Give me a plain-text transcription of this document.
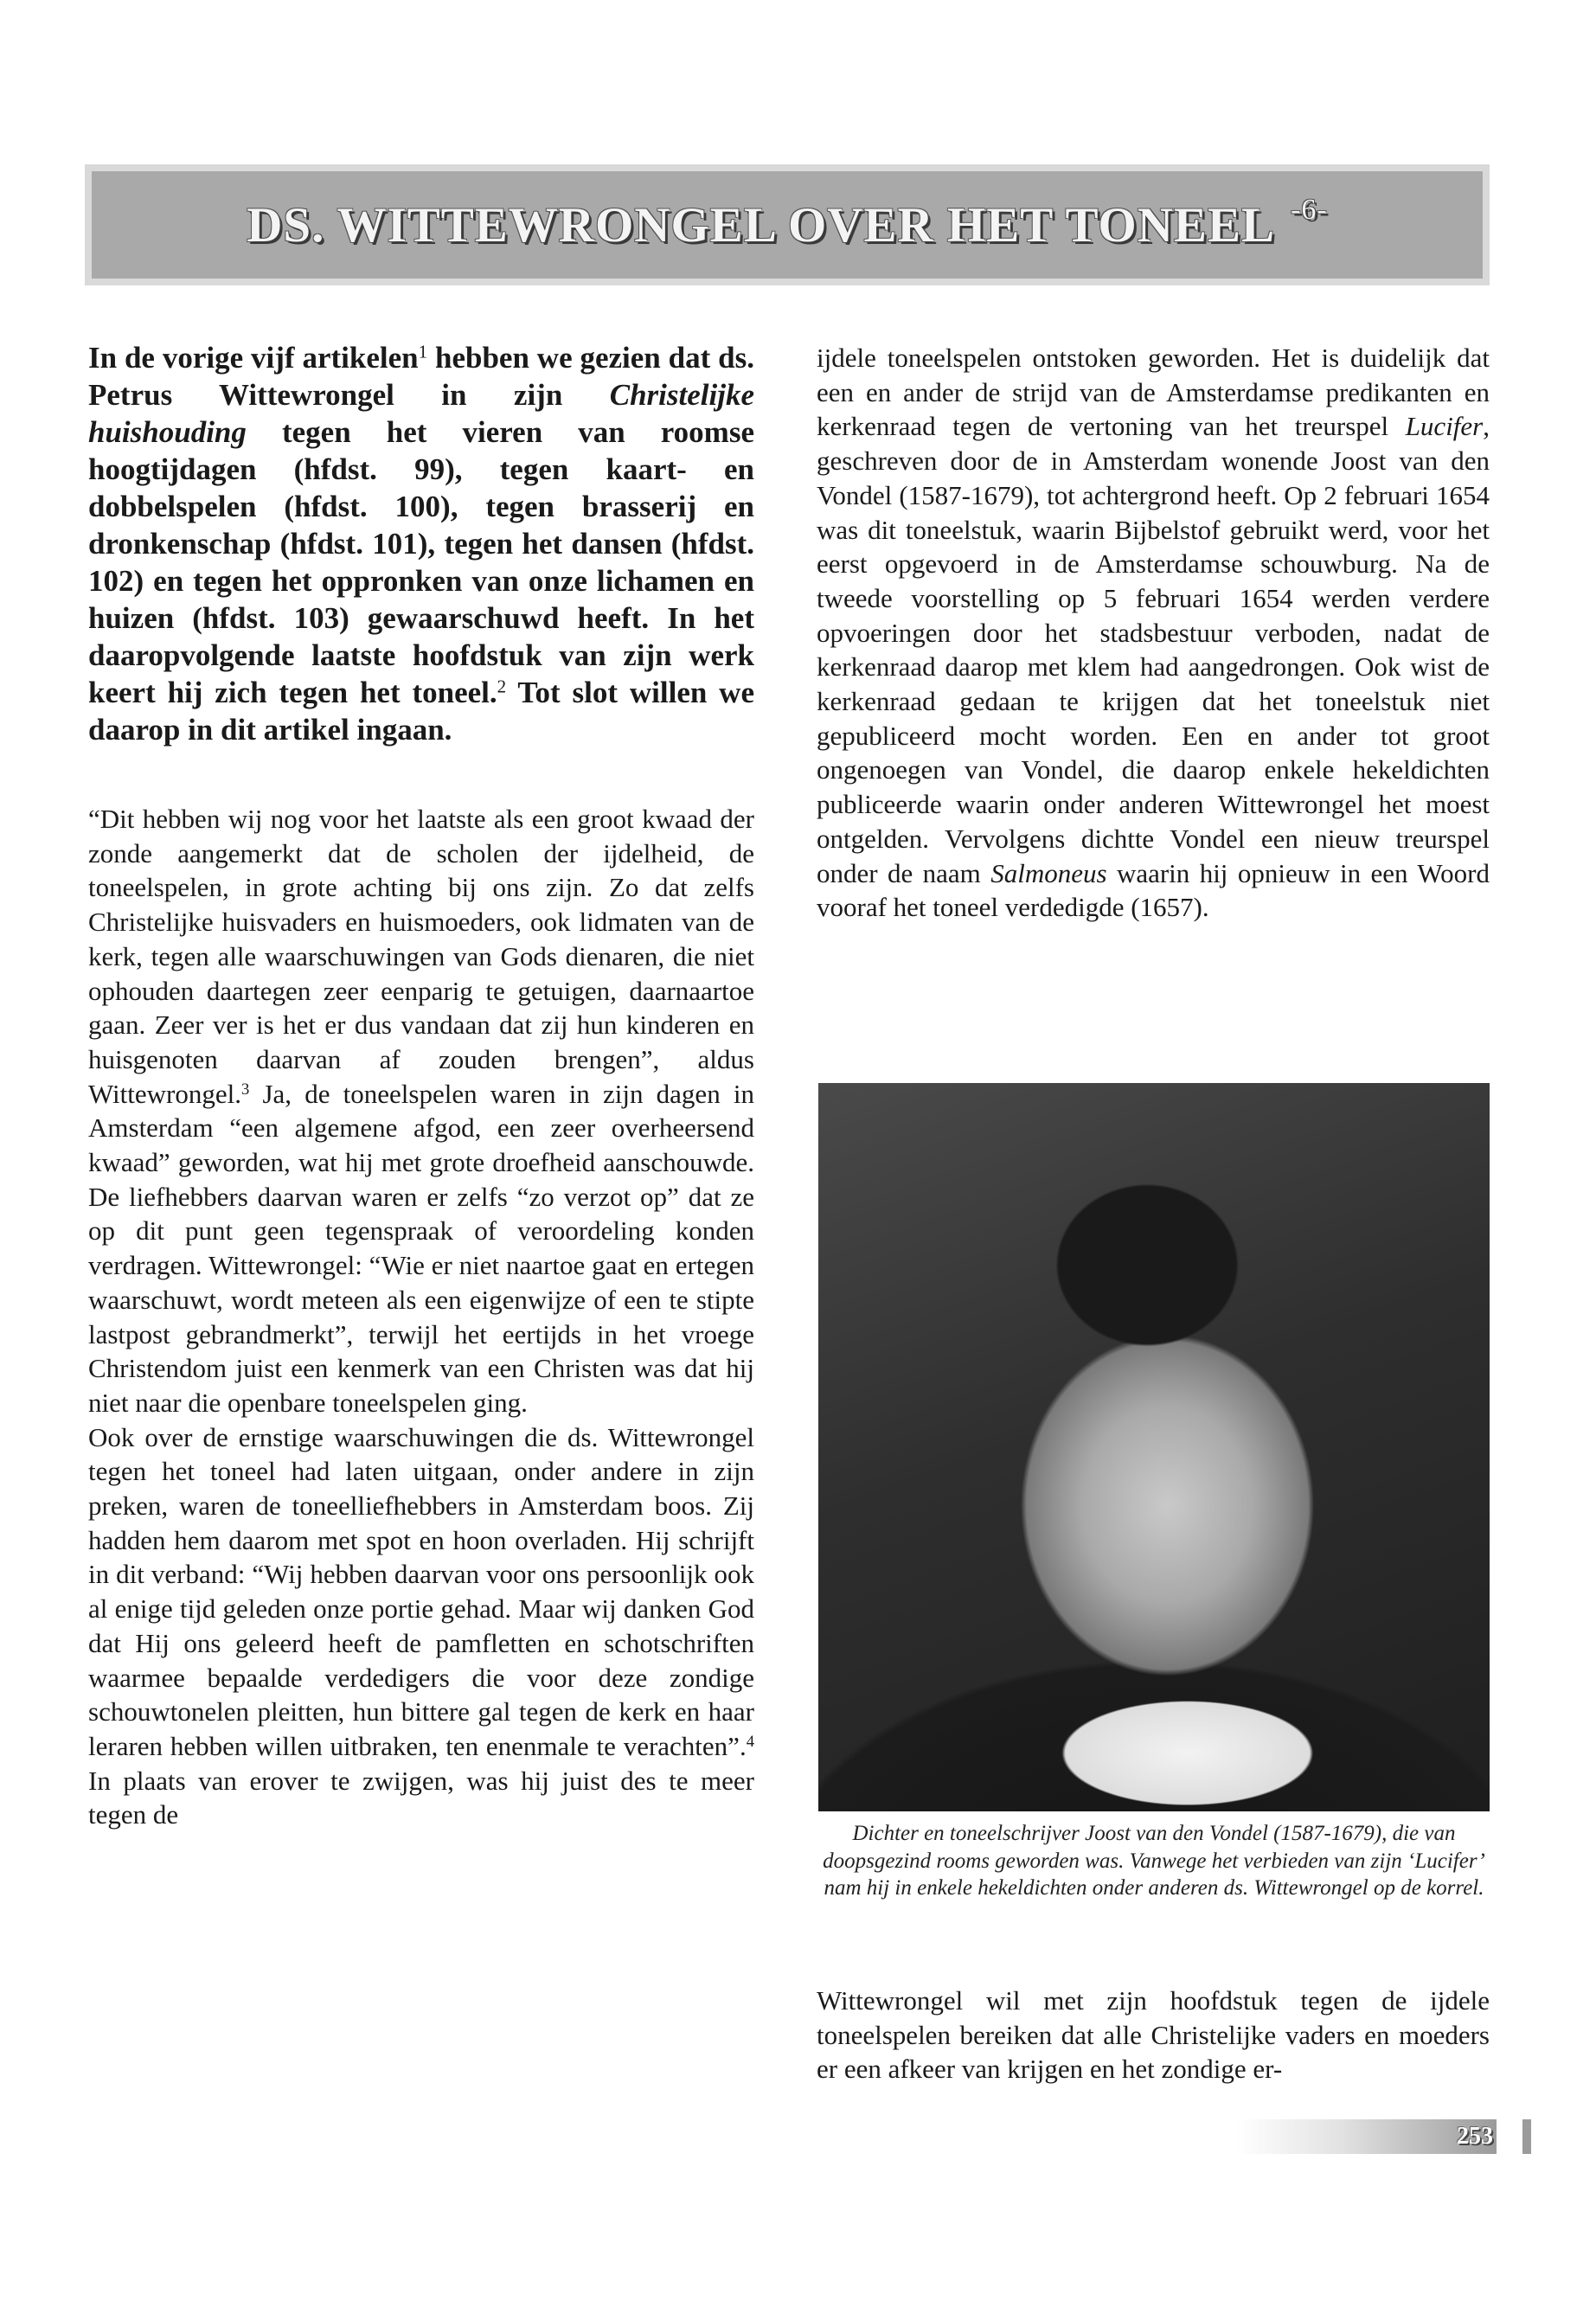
DS. WITTEWRONGEL OVER HET TONEEL $^{-6-}$

In de vorige vijf artikelen$^1$ hebben we gezien dat ds. Petrus Wittewrongel in zijn Christelijke huishouding tegen het vieren van roomse hoogtijdagen (hfdst. 99), tegen kaart- en dobbelspelen (hfdst. 100), tegen brasserij en dronkenschap (hfdst. 101), tegen het dansen (hfdst. 102) en tegen het oppronken van onze lichamen en huizen (hfdst. 103) gewaarschuwd heeft. In het daaropvolgende laatste hoofdstuk van zijn werk keert hij zich tegen het toneel.$^2$ Tot slot willen we daarop in dit artikel ingaan.

“Dit hebben wij nog voor het laatste als een groot kwaad der zonde aangemerkt dat de scholen der ijdelheid, de toneelspelen, in grote achting bij ons zijn. Zo dat zelfs Christelijke huisvaders en huismoeders, ook lidmaten van de kerk, tegen alle waarschuwingen van Gods dienaren, die niet ophouden daartegen zeer eenparig te getuigen, daarnaartoe gaan. Zeer ver is het er dus vandaan dat zij hun kinderen en huisgenoten daarvan af zouden brengen”, aldus Wittewrongel.$^3$ Ja, de toneelspelen waren in zijn dagen in Amsterdam “een algemene afgod, een zeer overheersend kwaad” geworden, wat hij met grote droefheid aanschouwde. De liefhebbers daarvan waren er zelfs “zo verzot op” dat ze op dit punt geen tegenspraak of veroordeling konden verdragen. Wittewrongel: “Wie er niet naartoe gaat en ertegen waarschuwt, wordt meteen als een eigenwijze of een te stipte lastpost gebrandmerkt”, terwijl het eertijds in het vroege Christendom juist een kenmerk van een Christen was dat hij niet naar die openbare toneelspelen ging.

Ook over de ernstige waarschuwingen die ds. Wittewrongel tegen het toneel had laten uitgaan, onder andere in zijn preken, waren de toneelliefhebbers in Amsterdam boos. Zij hadden hem daarom met spot en hoon overladen. Hij schrijft in dit verband: “Wij hebben daarvan voor ons persoonlijk ook al enige tijd geleden onze portie gehad. Maar wij danken God dat Hij ons geleerd heeft de pamfletten en schotschriften waarmee bepaalde verdedigers die voor deze zondige schouwtonelen pleitten, hun bittere gal tegen de kerk en haar leraren hebben willen uitbraken, ten enenmale te verachten”.$^4$ In plaats van erover te zwijgen, was hij juist des te meer tegen de

ijdele toneelspelen ontstoken geworden. Het is duidelijk dat een en ander de strijd van de Amsterdamse predikanten en kerkenraad tegen de vertoning van het treurspel Lucifer, geschreven door de in Amsterdam wonende Joost van den Vondel (1587-1679), tot achtergrond heeft. Op 2 februari 1654 was dit toneelstuk, waarin Bijbelstof gebruikt werd, voor het eerst opgevoerd in de Amsterdamse schouwburg. Na de tweede voorstelling op 5 februari 1654 werden verdere opvoeringen door het stadsbestuur verboden, nadat de kerkenraad daarop met klem had aangedrongen. Ook wist de kerkenraad gedaan te krijgen dat het toneelstuk niet gepubliceerd mocht worden. Een en ander tot groot ongenoegen van Vondel, die daarop enkele hekeldichten publiceerde waarin onder anderen Wittewrongel het moest ontgelden. Vervolgens dichtte Vondel een nieuw treurspel onder de naam Salmoneus waarin hij opnieuw in een Woord vooraf het toneel verdedigde (1657).

Dichter en toneelschrijver Joost van den Vondel (1587-1679), die van doopsgezind rooms geworden was. Vanwege het verbieden van zijn ‘Lucifer’ nam hij in enkele hekeldichten onder anderen ds. Wittewrongel op de korrel.

Wittewrongel wil met zijn hoofdstuk tegen de ijdele toneelspelen bereiken dat alle Christelijke vaders en moeders er een afkeer van krijgen en het zondige er-

253
